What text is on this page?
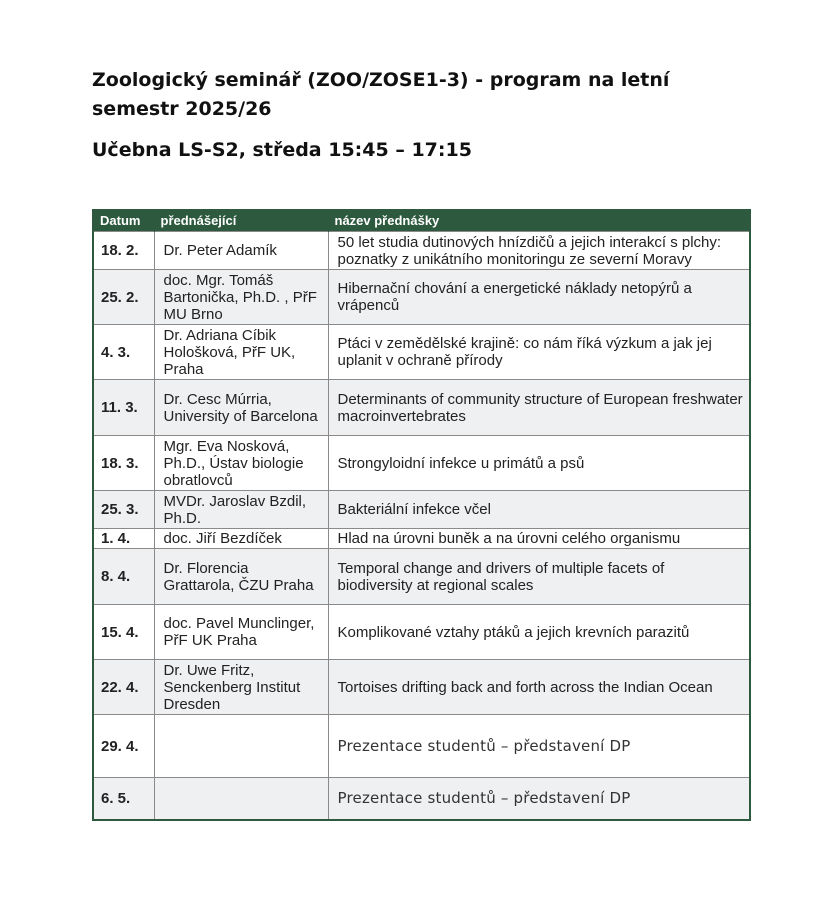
Zoologický seminář (ZOO/ZOSE1-3) - program na letní semestr 2025/26
Učebna LS-S2, středa 15:45 – 17:15
Datum	přednášející	název přednášky
18. 2.	Dr. Peter Adamík	50 let studia dutinových hnízdičů a jejich interakcí s plchy: poznatky z unikátního monitoringu ze severní Moravy
25. 2.	doc. Mgr. Tomáš Bartonička, Ph.D. , PřF MU Brno	Hibernační chování a energetické náklady netopýrů a vrápenců
4. 3.	Dr. Adriana Cíbik Hološková, PřF UK, Praha	Ptáci v zemědělské krajině: co nám říká výzkum a jak jej uplanit v ochraně přírody
11. 3.	Dr. Cesc Múrria, University of Barcelona	Determinants of community structure of European freshwater macroinvertebrates
18. 3.	Mgr. Eva Nosková, Ph.D., Ústav biologie obratlovců	Strongyloidní infekce u primátů a psů
25. 3.	MVDr. Jaroslav Bzdil, Ph.D.	Bakteriální infekce včel
1. 4.	doc. Jiří Bezdíček	Hlad na úrovni buněk a na úrovni celého organismu
8. 4.	Dr. Florencia Grattarola, ČZU Praha	Temporal change and drivers of multiple facets of biodiversity at regional scales
15. 4.	doc. Pavel Munclinger, PřF UK Praha	Komplikované vztahy ptáků a jejich krevních parazitů
22. 4.	Dr. Uwe Fritz, Senckenberg Institut Dresden	Tortoises drifting back and forth across the Indian Ocean
29. 4.		Prezentace studentů – představení DP
6. 5.		Prezentace studentů – představení DP
